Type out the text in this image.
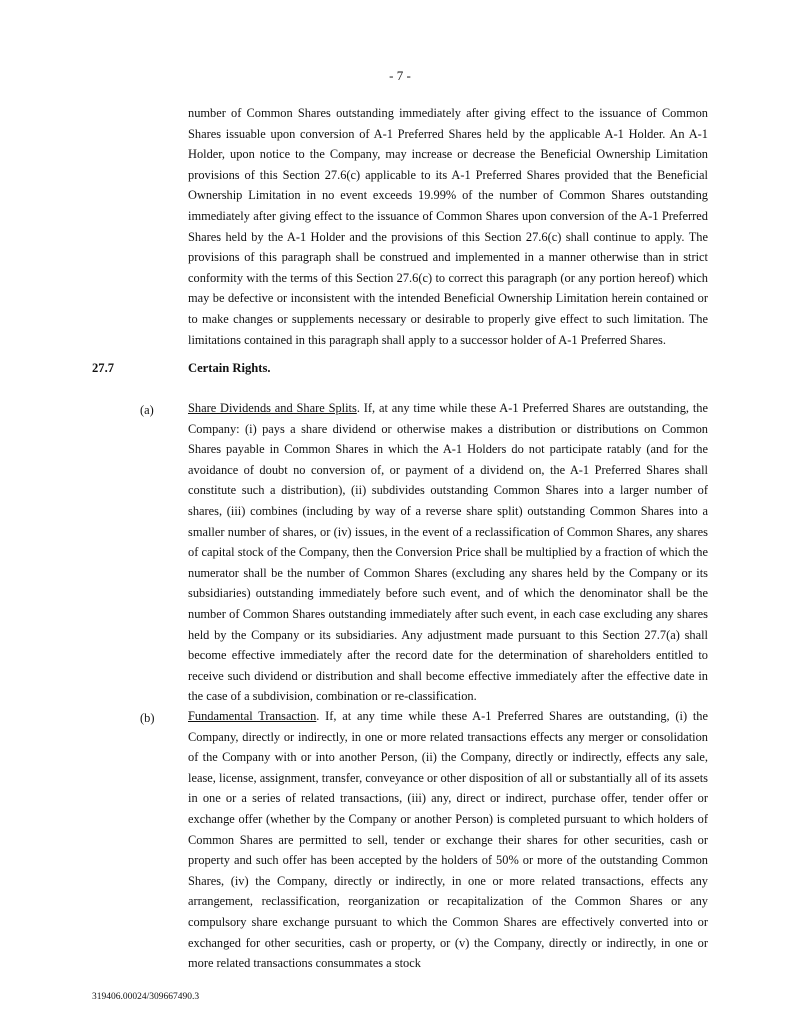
- 7 -

number of Common Shares outstanding immediately after giving effect to the issuance of Common Shares issuable upon conversion of A-1 Preferred Shares held by the applicable A-1 Holder. An A-1 Holder, upon notice to the Company, may increase or decrease the Beneficial Ownership Limitation provisions of this Section 27.6(c) applicable to its A-1 Preferred Shares provided that the Beneficial Ownership Limitation in no event exceeds 19.99% of the number of Common Shares outstanding immediately after giving effect to the issuance of Common Shares upon conversion of the A-1 Preferred Shares held by the A-1 Holder and the provisions of this Section 27.6(c) shall continue to apply. The provisions of this paragraph shall be construed and implemented in a manner otherwise than in strict conformity with the terms of this Section 27.6(c) to correct this paragraph (or any portion hereof) which may be defective or inconsistent with the intended Beneficial Ownership Limitation herein contained or to make changes or supplements necessary or desirable to properly give effect to such limitation. The limitations contained in this paragraph shall apply to a successor holder of A-1 Preferred Shares.

27.7	Certain Rights.
(a)	Share Dividends and Share Splits. If, at any time while these A-1 Preferred Shares are outstanding, the Company: (i) pays a share dividend or otherwise makes a distribution or distributions on Common Shares payable in Common Shares in which the A-1 Holders do not participate ratably (and for the avoidance of doubt no conversion of, or payment of a dividend on, the A-1 Preferred Shares shall constitute such a distribution), (ii) subdivides outstanding Common Shares into a larger number of shares, (iii) combines (including by way of a reverse share split) outstanding Common Shares into a smaller number of shares, or (iv) issues, in the event of a reclassification of Common Shares, any shares of capital stock of the Company, then the Conversion Price shall be multiplied by a fraction of which the numerator shall be the number of Common Shares (excluding any shares held by the Company or its subsidiaries) outstanding immediately before such event, and of which the denominator shall be the number of Common Shares outstanding immediately after such event, in each case excluding any shares held by the Company or its subsidiaries. Any adjustment made pursuant to this Section 27.7(a) shall become effective immediately after the record date for the determination of shareholders entitled to receive such dividend or distribution and shall become effective immediately after the effective date in the case of a subdivision, combination or re-classification.

(b)	Fundamental Transaction. If, at any time while these A-1 Preferred Shares are outstanding, (i) the Company, directly or indirectly, in one or more related transactions effects any merger or consolidation of the Company with or into another Person, (ii) the Company, directly or indirectly, effects any sale, lease, license, assignment, transfer, conveyance or other disposition of all or substantially all of its assets in one or a series of related transactions, (iii) any, direct or indirect, purchase offer, tender offer or exchange offer (whether by the Company or another Person) is completed pursuant to which holders of Common Shares are permitted to sell, tender or exchange their shares for other securities, cash or property and such offer has been accepted by the holders of 50% or more of the outstanding Common Shares, (iv) the Company, directly or indirectly, in one or more related transactions, effects any arrangement, reclassification, reorganization or recapitalization of the Common Shares or any compulsory share exchange pursuant to which the Common Shares are effectively converted into or exchanged for other securities, cash or property, or (v) the Company, directly or indirectly, in one or more related transactions consummates a stock

319406.00024/309667490.3
